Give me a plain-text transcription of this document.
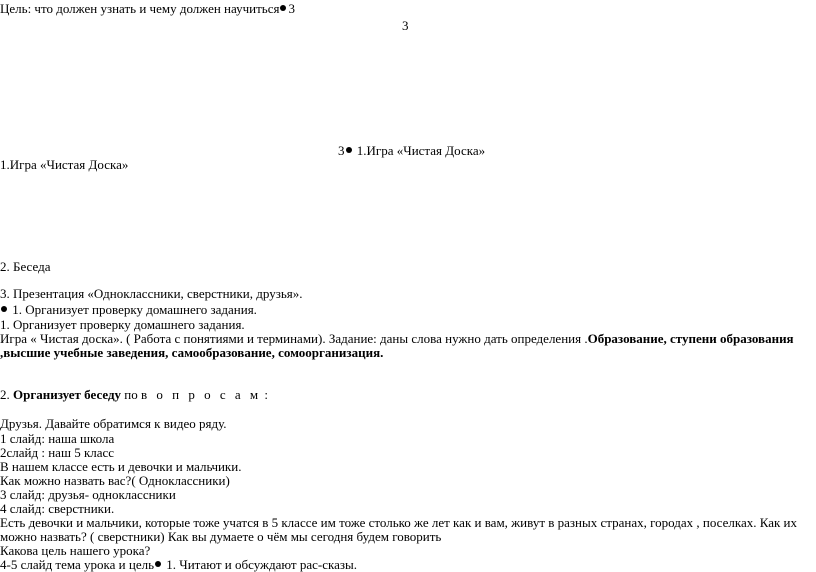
Цель: что должен узнать и чему должен научиться 3
3
3 1.Игра «Чистая Доска»
1.Игра «Чистая Доска»
2. Беседа
3. Презентация «Одноклассники, сверстники, друзья».
1. Организует проверку домашнего задания.
1. Организует проверку домашнего задания.
Игра « Чистая доска». ( Работа с понятиями и терминами). Задание: даны слова нужно дать определения .Образование, ступени образования
,высшие учебные заведения, самообразование, сомоорганизация.
2. Организует беседу по в о п р о с а м :
Друзья. Давайте обратимся к видео ряду.
1 слайд: наша школа
2слайд : наш 5 класс
В нашем классе есть и девочки и мальчики.
Как можно назвать вас?( Одноклассники)
3 слайд: друзья- одноклассники
4 слайд: сверстники.
Есть девочки и мальчики, которые тоже учатся в 5 классе им тоже столько же лет как и вам, живут в разных странах, городах , поселках. Как их
можно назвать? ( сверстники) Как вы думаете о чём мы сегодня будем говорить
Какова цель нашего урока?
4-5 слайд тема урока и цель 1. Читают и обсуждают рас-сказы.
